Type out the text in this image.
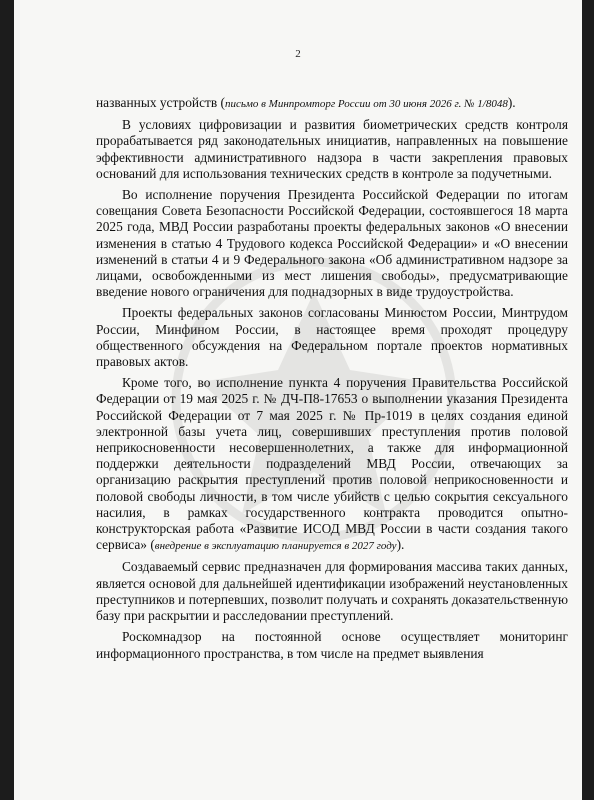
2

названных устройств (письмо в Минпромторг России от 30 июня 2026 г. № 1/8048).

В условиях цифровизации и развития биометрических средств контроля прорабатывается ряд законодательных инициатив, направленных на повышение эффективности административного надзора в части закрепления правовых оснований для использования технических средств в контроле за подучетными.

Во исполнение поручения Президента Российской Федерации по итогам совещания Совета Безопасности Российской Федерации, состоявшегося 18 марта 2025 года, МВД России разработаны проекты федеральных законов «О внесении изменения в статью 4 Трудового кодекса Российской Федерации» и «О внесении изменений в статьи 4 и 9 Федерального закона «Об административном надзоре за лицами, освобожденными из мест лишения свободы», предусматривающие введение нового ограничения для поднадзорных в виде трудоустройства.

Проекты федеральных законов согласованы Минюстом России, Минтрудом России, Минфином России, в настоящее время проходят процедуру общественного обсуждения на Федеральном портале проектов нормативных правовых актов.

Кроме того, во исполнение пункта 4 поручения Правительства Российской Федерации от 19 мая 2025 г. № ДЧ-П8-17653 о выполнении указания Президента Российской Федерации от 7 мая 2025 г. № Пр-1019 в целях создания единой электронной базы учета лиц, совершивших преступления против половой неприкосновенности несовершеннолетних, а также для информационной поддержки деятельности подразделений МВД России, отвечающих за организацию раскрытия преступлений против половой неприкосновенности и половой свободы личности, в том числе убийств с целью сокрытия сексуального насилия, в рамках государственного контракта проводится опытно-конструкторская работа «Развитие ИСОД МВД России в части создания такого сервиса» (внедрение в эксплуатацию планируется в 2027 году).

Создаваемый сервис предназначен для формирования массива таких данных, является основой для дальнейшей идентификации изображений неустановленных преступников и потерпевших, позволит получать и сохранять доказательственную базу при раскрытии и расследовании преступлений.

Роскомнадзор на постоянной основе осуществляет мониторинг информационного пространства, в том числе на предмет выявления
